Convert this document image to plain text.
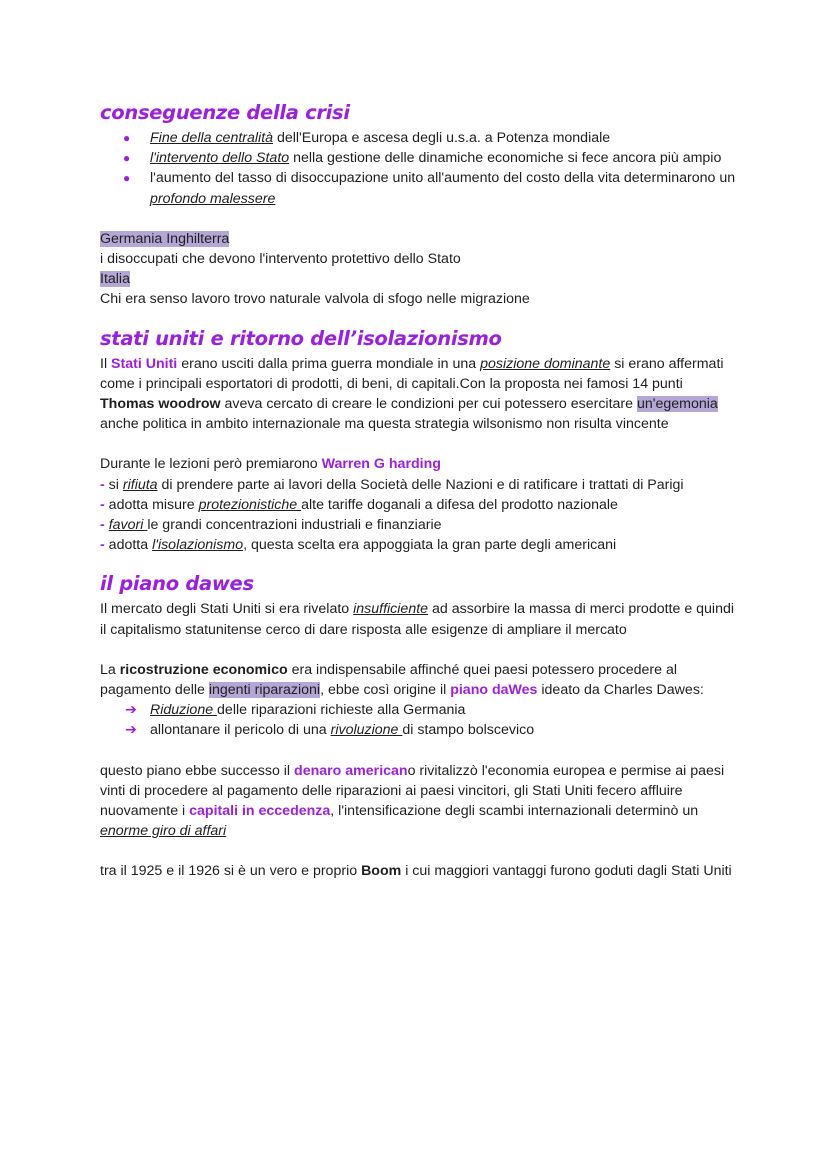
conseguenze della crisi
● Fine della centralità dell'Europa e ascesa degli u.s.a. a Potenza mondiale
● l'intervento dello Stato nella gestione delle dinamiche economiche si fece ancora più ampio
● l'aumento del tasso di disoccupazione unito all'aumento del costo della vita determinarono un profondo malessere

Germania Inghilterra

i disoccupati che devono l'intervento protettivo dello Stato

Italia

Chi era senso lavoro trovo naturale valvola di sfogo nelle migrazione

stati uniti e ritorno dell’isolazionismo

Il Stati Uniti erano usciti dalla prima guerra mondiale in una posizione dominante si erano affermati come i principali esportatori di prodotti, di beni, di capitali.Con la proposta nei famosi 14 punti Thomas woodrow aveva cercato di creare le condizioni per cui potessero esercitare un'egemonia anche politica in ambito internazionale ma questa strategia wilsonismo non risulta vincente

Durante le lezioni però premiarono Warren G harding

- si rifiuta di prendere parte ai lavori della Società delle Nazioni e di ratificare i trattati di Parigi

- adotta misure protezionistiche alte tariffe doganali a difesa del prodotto nazionale

- favori le grandi concentrazioni industriali e finanziarie

- adotta l'isolazionismo, questa scelta era appoggiata la gran parte degli americani

il piano dawes

Il mercato degli Stati Uniti si era rivelato insufficiente ad assorbire la massa di merci prodotte e quindi il capitalismo statunitense cerco di dare risposta alle esigenze di ampliare il mercato

La ricostruzione economico era indispensabile affinché quei paesi potessero procedere al pagamento delle ingenti riparazioni, ebbe così origine il piano daWes ideato da Charles Dawes:

➔ Riduzione delle riparazioni richieste alla Germania
➔ allontanare il pericolo di una rivoluzione di stampo bolscevico

questo piano ebbe successo il denaro americano rivitalizzò l'economia europea e permise ai paesi vinti di procedere al pagamento delle riparazioni ai paesi vincitori, gli Stati Uniti fecero affluire nuovamente i capitali in eccedenza, l'intensificazione degli scambi internazionali determinò un enorme giro di affari

tra il 1925 e il 1926 si è un vero e proprio Boom i cui maggiori vantaggi furono goduti dagli Stati Uniti
